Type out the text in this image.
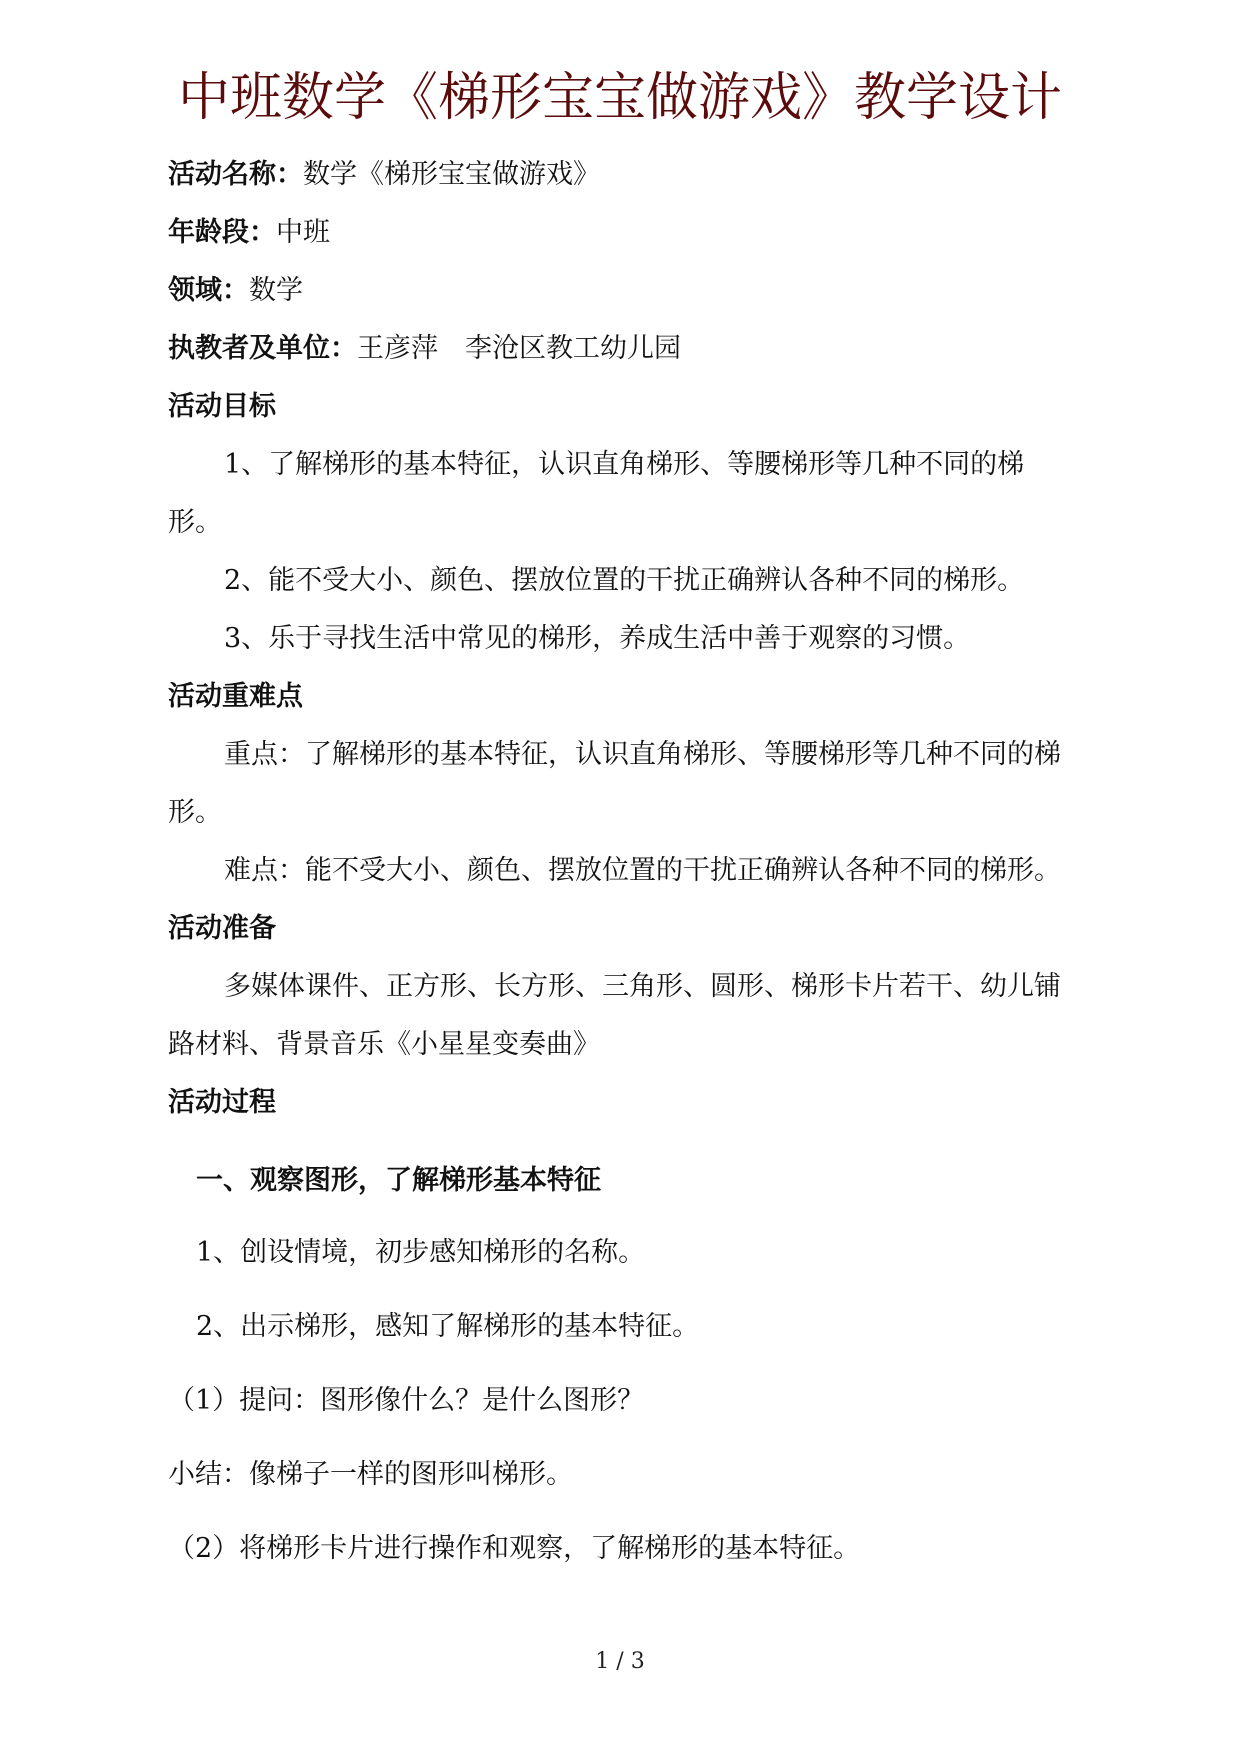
中班数学《梯形宝宝做游戏》教学设计
活动名称：数学《梯形宝宝做游戏》
年龄段：中班
领域：数学
执教者及单位：王彦萍　李沧区教工幼儿园
活动目标
1、了解梯形的基本特征，认识直角梯形、等腰梯形等几种不同的梯形。
2、能不受大小、颜色、摆放位置的干扰正确辨认各种不同的梯形。
3、乐于寻找生活中常见的梯形，养成生活中善于观察的习惯。
活动重难点
重点：了解梯形的基本特征，认识直角梯形、等腰梯形等几种不同的梯形。
难点：能不受大小、颜色、摆放位置的干扰正确辨认各种不同的梯形。
活动准备
多媒体课件、正方形、长方形、三角形、圆形、梯形卡片若干、幼儿铺路材料、背景音乐《小星星变奏曲》
活动过程
一、观察图形，了解梯形基本特征
1、创设情境，初步感知梯形的名称。
2、出示梯形，感知了解梯形的基本特征。
（1）提问：图形像什么？是什么图形？
小结：像梯子一样的图形叫梯形。
（2）将梯形卡片进行操作和观察，了解梯形的基本特征。
1 / 3
